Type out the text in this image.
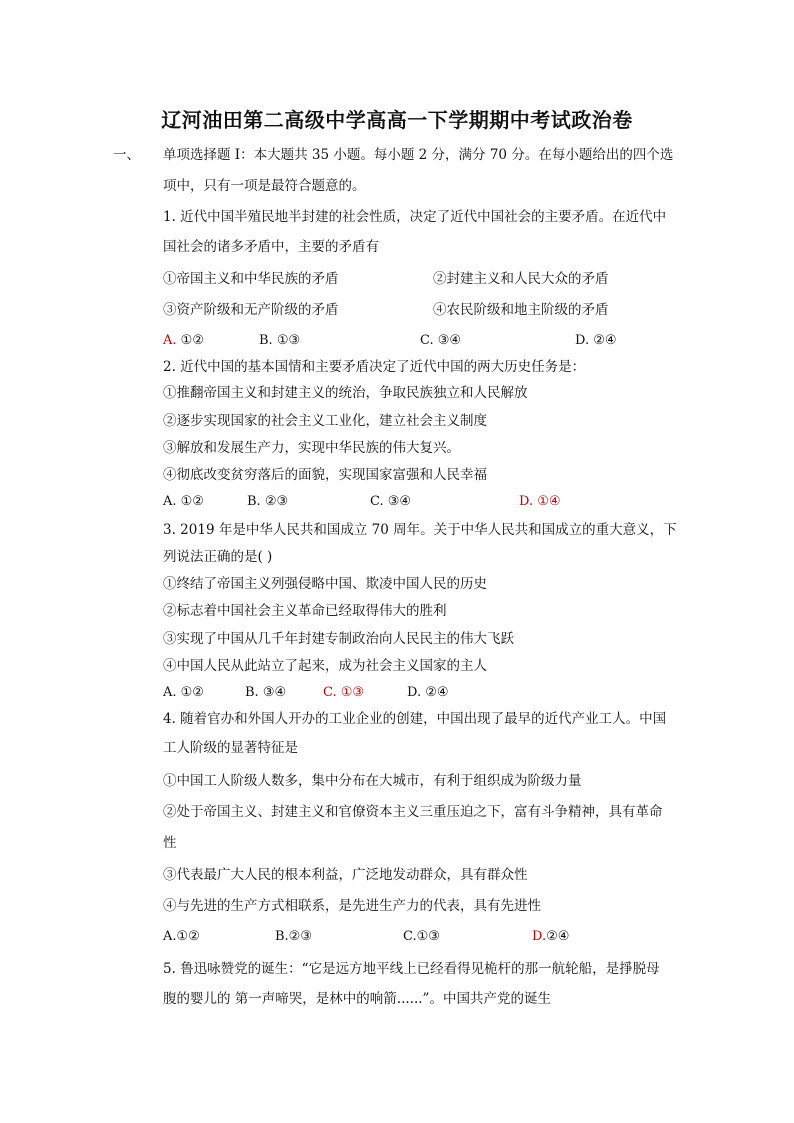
辽河油田第二高级中学高高一下学期期中考试政治卷
一、 单项选择题 I：本大题共 35 小题。每小题 2 分，满分 70 分。在每小题给出的四个选
项中，只有一项是最符合题意的。
1. 近代中国半殖民地半封建的社会性质，决定了近代中国社会的主要矛盾。在近代中
国社会的诸多矛盾中，主要的矛盾有
①帝国主义和中华民族的矛盾	②封建主义和人民大众的矛盾
③资产阶级和无产阶级的矛盾	④农民阶级和地主阶级的矛盾
A. ①②	B. ①③	C. ③④	D. ②④
2. 近代中国的基本国情和主要矛盾决定了近代中国的两大历史任务是：
①推翻帝国主义和封建主义的统治，争取民族独立和人民解放
②逐步实现国家的社会主义工业化，建立社会主义制度
③解放和发展生产力，实现中华民族的伟大复兴。
④彻底改变贫穷落后的面貌，实现国家富强和人民幸福
A. ①②	B. ②③	C. ③④	D. ①④
3. 2019 年是中华人民共和国成立 70 周年。关于中华人民共和国成立的重大意义，下
列说法正确的是( )
①终结了帝国主义列强侵略中国、欺凌中国人民的历史
②标志着中国社会主义革命已经取得伟大的胜利
③实现了中国从几千年封建专制政治向人民民主的伟大飞跃
④中国人民从此站立了起来，成为社会主义国家的主人
A. ①②	B. ③④	C. ①③	D. ②④
4. 随着官办和外国人开办的工业企业的创建，中国出现了最早的近代产业工人。中国
工人阶级的显著特征是
①中国工人阶级人数多，集中分布在大城市，有利于组织成为阶级力量
②处于帝国主义、封建主义和官僚资本主义三重压迫之下，富有斗争精神，具有革命
性
③代表最广大人民的根本利益，广泛地发动群众，具有群众性
④与先进的生产方式相联系，是先进生产力的代表，具有先进性
A.①②	B.②③	C.①③	D.②④
5. 鲁迅咏赞党的诞生：“它是远方地平线上已经看得见桅杆的那一航轮船，是掙脱母
腹的婴儿的 第一声啼哭，是林中的响箭......”。中国共产党的诞生
